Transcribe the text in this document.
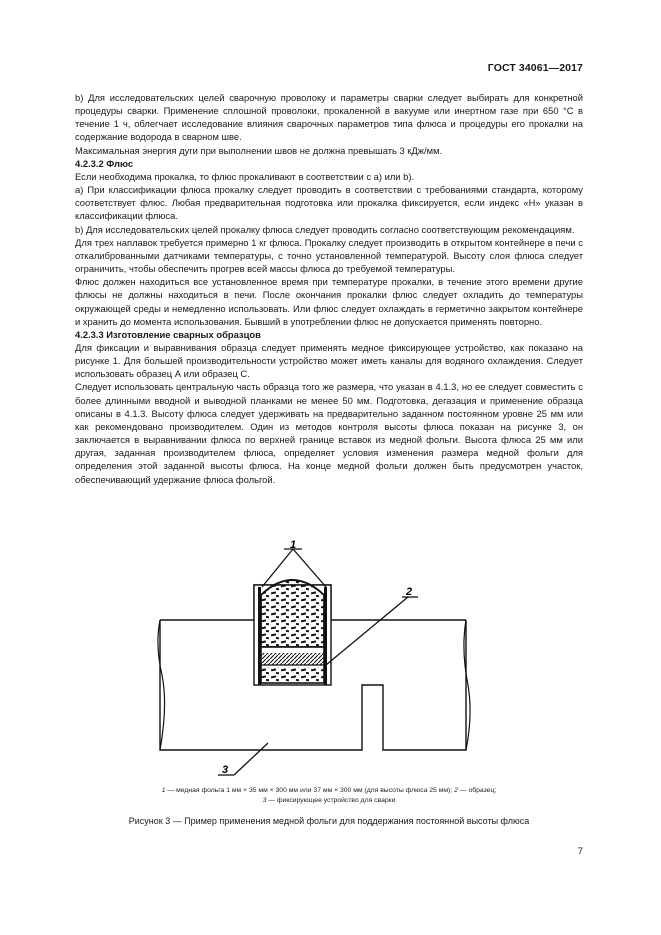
ГОСТ 34061—2017

b) Для исследовательских целей сварочную проволоку и параметры сварки следует выбирать для конкретной процедуры сварки. Применение сплошной проволоки, прокаленной в вакууме или инертном газе при 650 °С в течение 1 ч, облегчает исследование влияния сварочных параметров типа флюса и процедуры его прокалки на содержание водорода в сварном шве.

Максимальная энергия дуги при выполнении швов не должна превышать 3 кДж/мм.

4.2.3.2 Флюс

Если необходима прокалка, то флюс прокаливают в соответствии с а) или b).

а) При классификации флюса прокалку следует проводить в соответствии с требованиями стандарта, которому соответствует флюс. Любая предварительная подготовка или прокалка фиксируется, если индекс «Н» указан в классификации флюса.

b) Для исследовательских целей прокалку флюса следует проводить согласно соответствующим рекомендациям.

Для трех наплавок требуется примерно 1 кг флюса. Прокалку следует производить в открытом контейнере в печи с откалиброванными датчиками температуры, с точно установленной температурой. Высоту слоя флюса следует ограничить, чтобы обеспечить прогрев всей массы флюса до требуемой температуры.

Флюс должен находиться все установленное время при температуре прокалки, в течение этого времени другие флюсы не должны находиться в печи. После окончания прокалки флюс следует охладить до температуры окружающей среды и немедленно использовать. Или флюс следует охлаждать в герметично закрытом контейнере и хранить до момента использования. Бывший в употреблении флюс не допускается применять повторно.

4.2.3.3 Изготовление сварных образцов

Для фиксации и выравнивания образца следует применять медное фиксирующее устройство, как показано на рисунке 1. Для большей производительности устройство может иметь каналы для водяного охлаждения. Следует использовать образец А или образец С.

Следует использовать центральную часть образца того же размера, что указан в 4.1.3, но ее следует совместить с более длинными вводной и выводной планками не менее 50 мм. Подготовка, дегазация и применение образца описаны в 4.1.3. Высоту флюса следует удерживать на предварительно заданном постоянном уровне 25 мм или как рекомендовано производителем. Один из методов контроля высоты флюса показан на рисунке 3, он заключается в выравнивании флюса по верхней границе вставок из медной фольги. Высота флюса 25 мм или другая, заданная производителем флюса, определяет условия изменения размера медной фольги для определения этой заданной высоты флюса. На конце медной фольги должен быть предусмотрен участок, обеспечивающий удержание флюса фольгой.

1
2
3
1 — медная фольга 1 мм × 35 мм × 300 мм или 37 мм × 300 мм (для высоты флюса 25 мм); 2 — образец;
3 — фиксирующее устройство для сварки
Рисунок 3 — Пример применения медной фольги для поддержания постоянной высоты флюса
7
